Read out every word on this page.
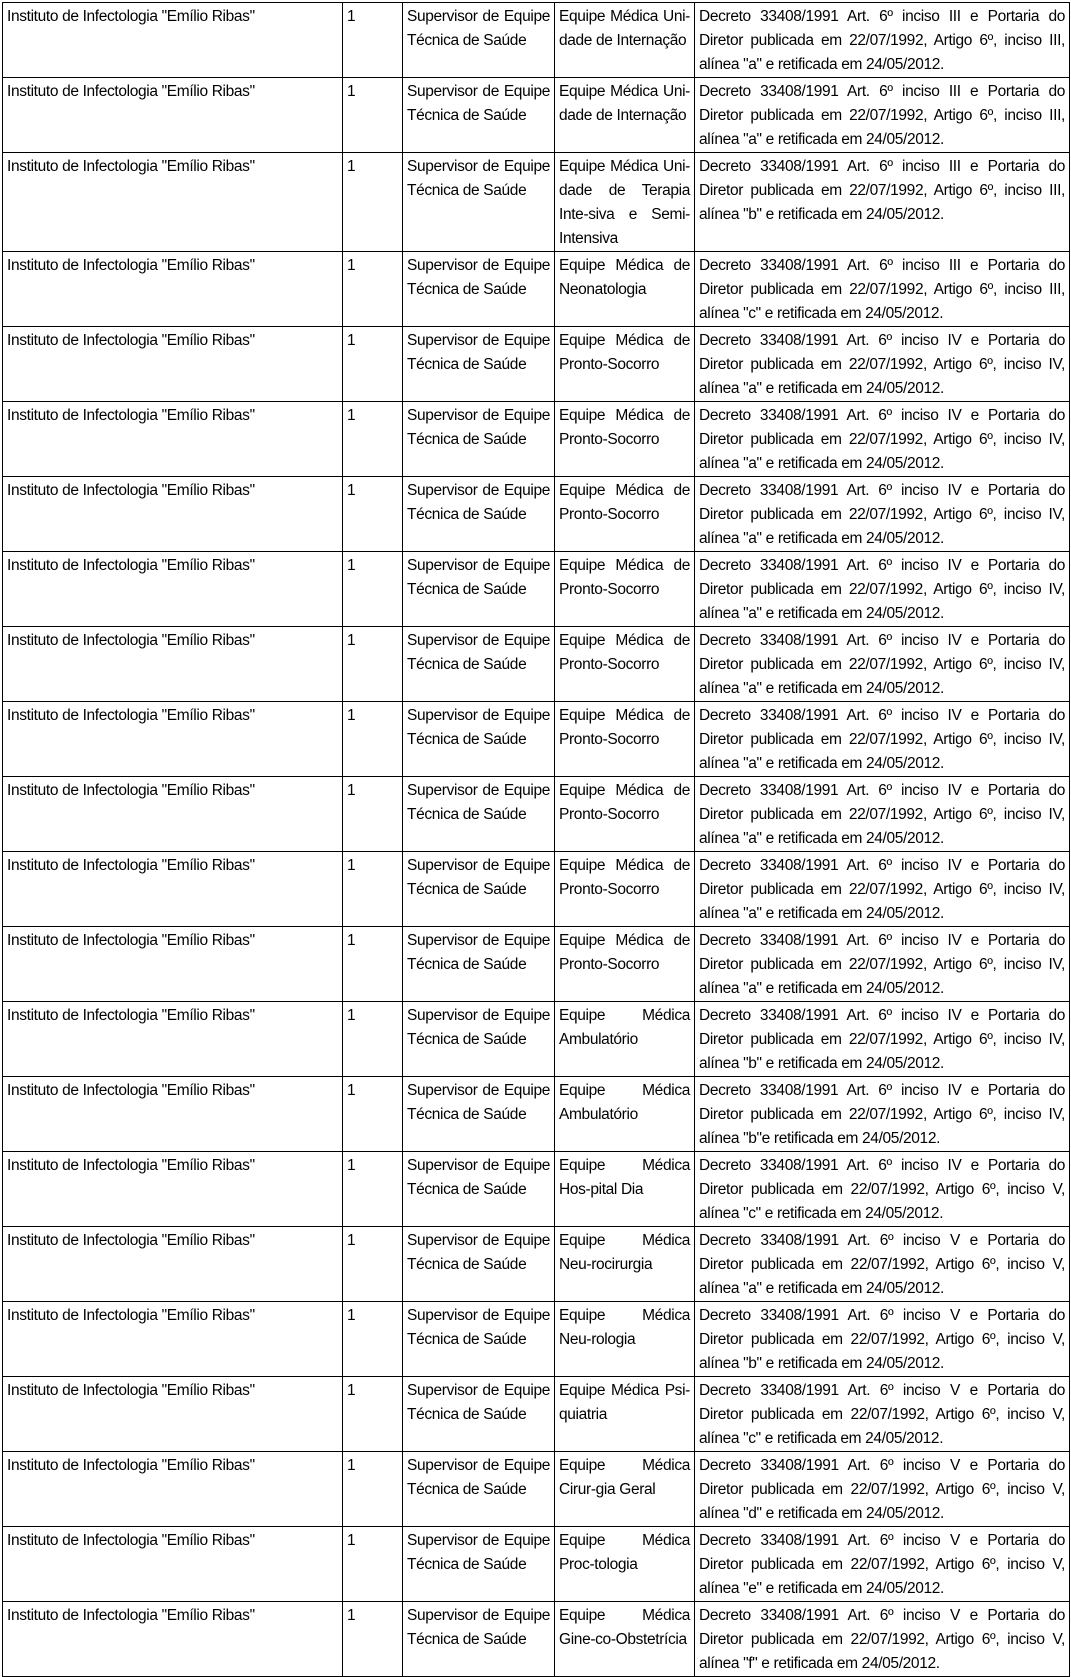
Instituto de Infectologia "Emílio Ribas"	1	Supervisor de Equipe Técnica de Saúde	Equipe Médica Uni-dade de Internação	Decreto 33408/1991 Art. 6º inciso III e Portaria do Diretor publicada em 22/07/1992, Artigo 6º, inciso III, alínea "a" e retificada em 24/05/2012.
Instituto de Infectologia "Emílio Ribas"	1	Supervisor de Equipe Técnica de Saúde	Equipe Médica Uni-dade de Internação	Decreto 33408/1991 Art. 6º inciso III e Portaria do Diretor publicada em 22/07/1992, Artigo 6º, inciso III, alínea "a" e retificada em 24/05/2012.
Instituto de Infectologia "Emílio Ribas"	1	Supervisor de Equipe Técnica de Saúde	Equipe Médica Uni-dade de Terapia Inte-siva e Semi-Intensiva	Decreto 33408/1991 Art. 6º inciso III e Portaria do Diretor publicada em 22/07/1992, Artigo 6º, inciso III, alínea "b" e retificada em 24/05/2012.
Instituto de Infectologia "Emílio Ribas"	1	Supervisor de Equipe Técnica de Saúde	Equipe Médica de Neonatologia	Decreto 33408/1991 Art. 6º inciso III e Portaria do Diretor publicada em 22/07/1992, Artigo 6º, inciso III, alínea "c" e retificada em 24/05/2012.
Instituto de Infectologia "Emílio Ribas"	1	Supervisor de Equipe Técnica de Saúde	Equipe Médica de Pronto-Socorro	Decreto 33408/1991 Art. 6º inciso IV e Portaria do Diretor publicada em 22/07/1992, Artigo 6º, inciso IV, alínea "a" e retificada em 24/05/2012.
Instituto de Infectologia "Emílio Ribas"	1	Supervisor de Equipe Técnica de Saúde	Equipe Médica de Pronto-Socorro	Decreto 33408/1991 Art. 6º inciso IV e Portaria do Diretor publicada em 22/07/1992, Artigo 6º, inciso IV, alínea "a" e retificada em 24/05/2012.
Instituto de Infectologia "Emílio Ribas"	1	Supervisor de Equipe Técnica de Saúde	Equipe Médica de Pronto-Socorro	Decreto 33408/1991 Art. 6º inciso IV e Portaria do Diretor publicada em 22/07/1992, Artigo 6º, inciso IV, alínea "a" e retificada em 24/05/2012.
Instituto de Infectologia "Emílio Ribas"	1	Supervisor de Equipe Técnica de Saúde	Equipe Médica de Pronto-Socorro	Decreto 33408/1991 Art. 6º inciso IV e Portaria do Diretor publicada em 22/07/1992, Artigo 6º, inciso IV, alínea "a" e retificada em 24/05/2012.
Instituto de Infectologia "Emílio Ribas"	1	Supervisor de Equipe Técnica de Saúde	Equipe Médica de Pronto-Socorro	Decreto 33408/1991 Art. 6º inciso IV e Portaria do Diretor publicada em 22/07/1992, Artigo 6º, inciso IV, alínea "a" e retificada em 24/05/2012.
Instituto de Infectologia "Emílio Ribas"	1	Supervisor de Equipe Técnica de Saúde	Equipe Médica de Pronto-Socorro	Decreto 33408/1991 Art. 6º inciso IV e Portaria do Diretor publicada em 22/07/1992, Artigo 6º, inciso IV, alínea "a" e retificada em 24/05/2012.
Instituto de Infectologia "Emílio Ribas"	1	Supervisor de Equipe Técnica de Saúde	Equipe Médica de Pronto-Socorro	Decreto 33408/1991 Art. 6º inciso IV e Portaria do Diretor publicada em 22/07/1992, Artigo 6º, inciso IV, alínea "a" e retificada em 24/05/2012.
Instituto de Infectologia "Emílio Ribas"	1	Supervisor de Equipe Técnica de Saúde	Equipe Médica de Pronto-Socorro	Decreto 33408/1991 Art. 6º inciso IV e Portaria do Diretor publicada em 22/07/1992, Artigo 6º, inciso IV, alínea "a" e retificada em 24/05/2012.
Instituto de Infectologia "Emílio Ribas"	1	Supervisor de Equipe Técnica de Saúde	Equipe Médica de Pronto-Socorro	Decreto 33408/1991 Art. 6º inciso IV e Portaria do Diretor publicada em 22/07/1992, Artigo 6º, inciso IV, alínea "a" e retificada em 24/05/2012.
Instituto de Infectologia "Emílio Ribas"	1	Supervisor de Equipe Técnica de Saúde	Equipe Médica Ambulatório	Decreto 33408/1991 Art. 6º inciso IV e Portaria do Diretor publicada em 22/07/1992, Artigo 6º, inciso IV, alínea "b" e retificada em 24/05/2012.
Instituto de Infectologia "Emílio Ribas"	1	Supervisor de Equipe Técnica de Saúde	Equipe Médica Ambulatório	Decreto 33408/1991 Art. 6º inciso IV e Portaria do Diretor publicada em 22/07/1992, Artigo 6º, inciso IV, alínea "b"e retificada em 24/05/2012.
Instituto de Infectologia "Emílio Ribas"	1	Supervisor de Equipe Técnica de Saúde	Equipe Médica Hos-pital Dia	Decreto 33408/1991 Art. 6º inciso IV e Portaria do Diretor publicada em 22/07/1992, Artigo 6º, inciso V, alínea "c" e retificada em 24/05/2012.
Instituto de Infectologia "Emílio Ribas"	1	Supervisor de Equipe Técnica de Saúde	Equipe Médica Neu-rocirurgia	Decreto 33408/1991 Art. 6º inciso V e Portaria do Diretor publicada em 22/07/1992, Artigo 6º, inciso V, alínea "a" e retificada em 24/05/2012.
Instituto de Infectologia "Emílio Ribas"	1	Supervisor de Equipe Técnica de Saúde	Equipe Médica Neu-rologia	Decreto 33408/1991 Art. 6º inciso V e Portaria do Diretor publicada em 22/07/1992, Artigo 6º, inciso V, alínea "b" e retificada em 24/05/2012.
Instituto de Infectologia "Emílio Ribas"	1	Supervisor de Equipe Técnica de Saúde	Equipe Médica Psi-quiatria	Decreto 33408/1991 Art. 6º inciso V e Portaria do Diretor publicada em 22/07/1992, Artigo 6º, inciso V, alínea "c" e retificada em 24/05/2012.
Instituto de Infectologia "Emílio Ribas"	1	Supervisor de Equipe Técnica de Saúde	Equipe Médica Cirur-gia Geral	Decreto 33408/1991 Art. 6º inciso V e Portaria do Diretor publicada em 22/07/1992, Artigo 6º, inciso V, alínea "d" e retificada em 24/05/2012.
Instituto de Infectologia "Emílio Ribas"	1	Supervisor de Equipe Técnica de Saúde	Equipe Médica Proc-tologia	Decreto 33408/1991 Art. 6º inciso V e Portaria do Diretor publicada em 22/07/1992, Artigo 6º, inciso V, alínea "e" e retificada em 24/05/2012.
Instituto de Infectologia "Emílio Ribas"	1	Supervisor de Equipe Técnica de Saúde	Equipe Médica Gine-co-Obstetrícia	Decreto 33408/1991 Art. 6º inciso V e Portaria do Diretor publicada em 22/07/1992, Artigo 6º, inciso V, alínea "f" e retificada em 24/05/2012.
